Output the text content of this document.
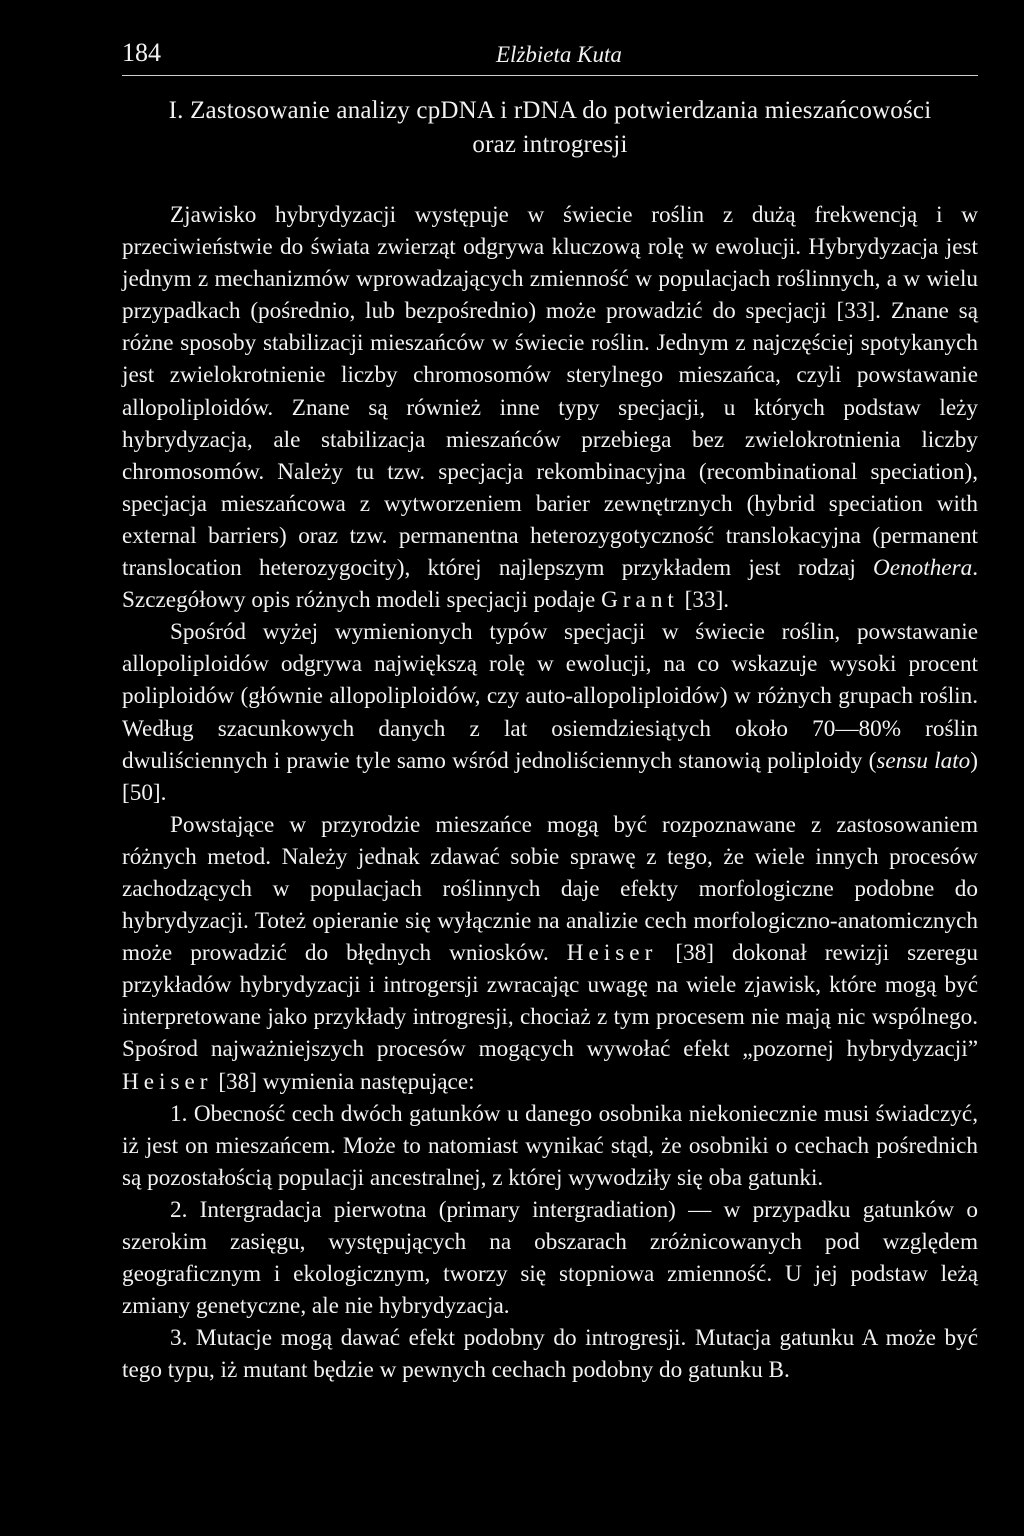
184	Elżbieta Kuta
I. Zastosowanie analizy cpDNA i rDNA do potwierdzania mieszańcowości
oraz introgresji

Zjawisko hybrydyzacji występuje w świecie roślin z dużą frekwencją i w przeciwieństwie do świata zwierząt odgrywa kluczową rolę w ewolucji. Hybrydyzacja jest jednym z mechanizmów wprowadzających zmienność w populacjach roślinnych, a w wielu przypadkach (pośrednio, lub bezpośrednio) może prowadzić do specjacji [33]. Znane są różne sposoby stabilizacji mieszańców w świecie roślin. Jednym z najczęściej spotykanych jest zwielokrotnienie liczby chromosomów sterylnego mieszańca, czyli powstawanie allopoliploidów. Znane są również inne typy specjacji, u których podstaw leży hybrydyzacja, ale stabilizacja mieszańców przebiega bez zwielokrotnienia liczby chromosomów. Należy tu tzw. specjacja rekombinacyjna (recombinational speciation), specjacja mieszańcowa z wytworzeniem barier zewnętrznych (hybrid speciation with external barriers) oraz tzw. permanentna heterozygotyczność translokacyjna (permanent translocation heterozygocity), której najlepszym przykładem jest rodzaj Oenothera. Szczegółowy opis różnych modeli specjacji podaje Grant [33].

Spośród wyżej wymienionych typów specjacji w świecie roślin, powstawanie allopoliploidów odgrywa największą rolę w ewolucji, na co wskazuje wysoki procent poliploidów (głównie allopoliploidów, czy auto-allopoliploidów) w różnych grupach roślin. Według szacunkowych danych z lat osiemdziesiątych około 70—80% roślin dwuliściennych i prawie tyle samo wśród jednoliściennych stanowią poliploidy (sensu lato) [50].

Powstające w przyrodzie mieszańce mogą być rozpoznawane z zastosowaniem różnych metod. Należy jednak zdawać sobie sprawę z tego, że wiele innych procesów zachodzących w populacjach roślinnych daje efekty morfologiczne podobne do hybrydyzacji. Toteż opieranie się wyłącznie na analizie cech morfologiczno-anatomicznych może prowadzić do błędnych wniosków. Heiser [38] dokonał rewizji szeregu przykładów hybrydyzacji i introgersji zwracając uwagę na wiele zjawisk, które mogą być interpretowane jako przykłady introgresji, chociaż z tym procesem nie mają nic wspólnego. Spośrod najważniejszych procesów mogących wywołać efekt „pozornej hybrydyzacji” Heiser [38] wymienia następujące:

1. Obecność cech dwóch gatunków u danego osobnika niekoniecznie musi świadczyć, iż jest on mieszańcem. Może to natomiast wynikać stąd, że osobniki o cechach pośrednich są pozostałością populacji ancestralnej, z której wywodziły się oba gatunki.

2. Intergradacja pierwotna (primary intergradiation) — w przypadku gatunków o szerokim zasięgu, występujących na obszarach zróżnicowanych pod względem geograficznym i ekologicznym, tworzy się stopniowa zmienność. U jej podstaw leżą zmiany genetyczne, ale nie hybrydyzacja.

3. Mutacje mogą dawać efekt podobny do introgresji. Mutacja gatunku A może być tego typu, iż mutant będzie w pewnych cechach podobny do gatunku B.
